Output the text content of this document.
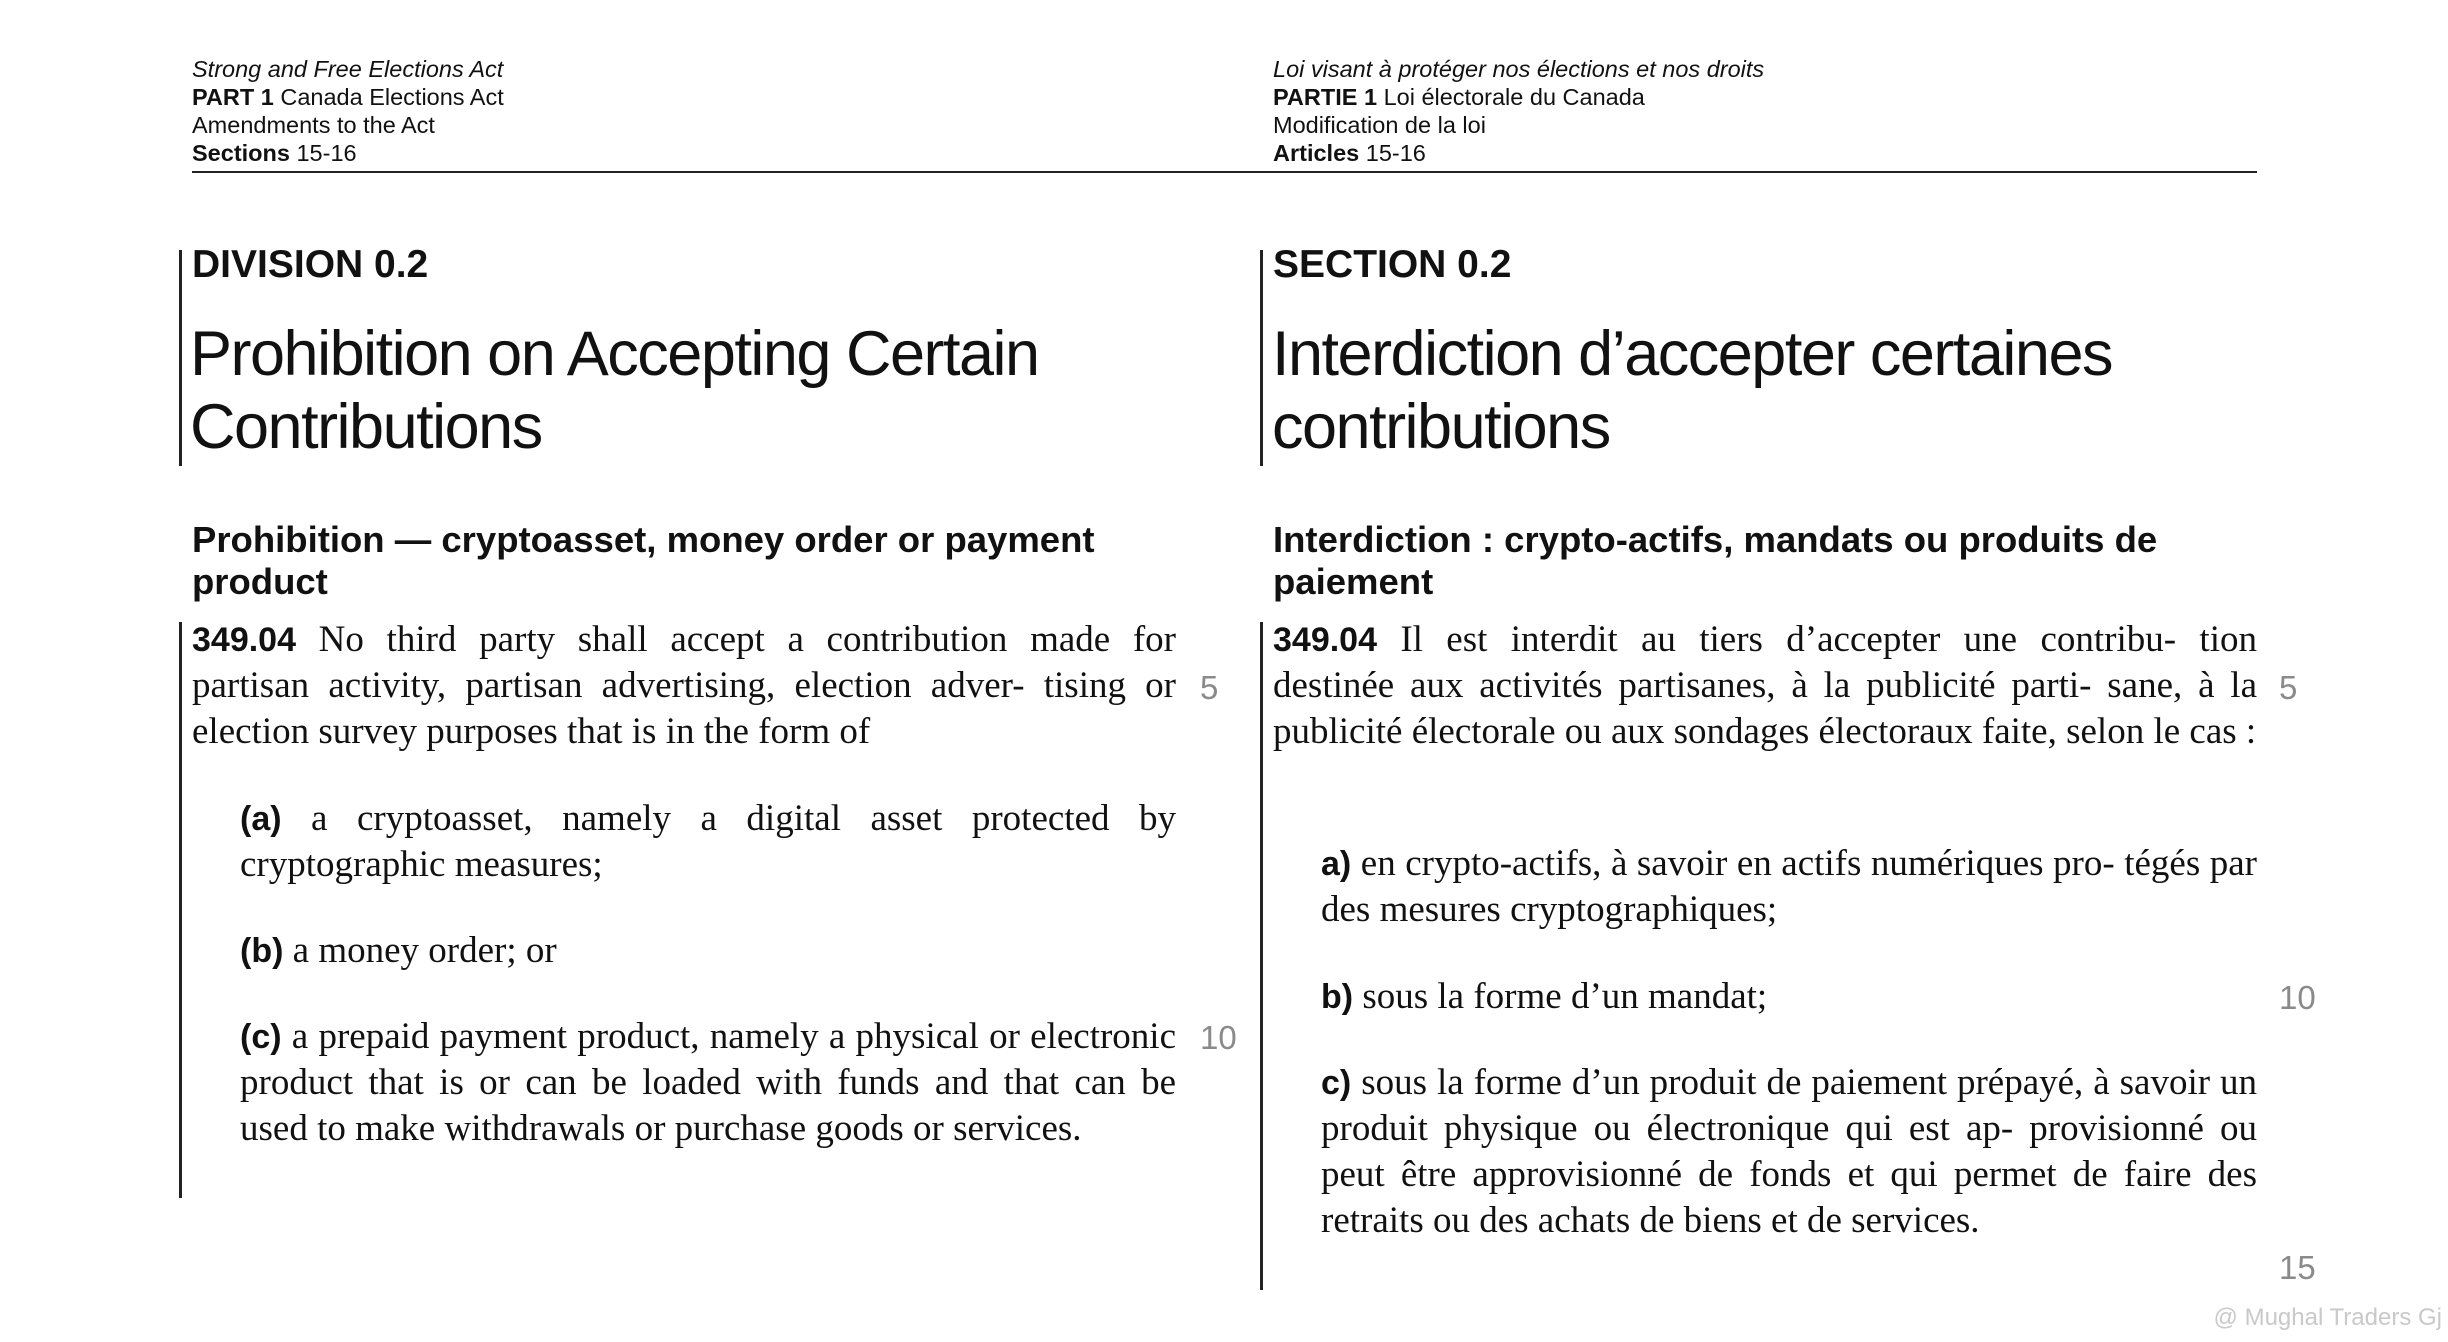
Strong and Free Elections Act
PART 1 Canada Elections Act
Amendments to the Act
Sections 15-16
Loi visant à protéger nos élections et nos droits
PARTIE 1 Loi électorale du Canada
Modification de la loi
Articles 15-16
DIVISION 0.2
Prohibition on Accepting Certain
Contributions
Prohibition — cryptoasset, money order or payment
product
349.04 No third party shall accept a contribution made for partisan activity, partisan advertising, election adver- tising or election survey purposes that is in the form of
(a) a cryptoasset, namely a digital asset protected by cryptographic measures;
(b) a money order; or
(c) a prepaid payment product, namely a physical or electronic product that is or can be loaded with funds and that can be used to make withdrawals or purchase goods or services.
5
10
SECTION 0.2
Interdiction d’accepter certaines
contributions
Interdiction : crypto-actifs, mandats ou produits de
paiement
349.04 Il est interdit au tiers d’accepter une contribu- tion destinée aux activités partisanes, à la publicité parti- sane, à la publicité électorale ou aux sondages électoraux faite, selon le cas :
a) en crypto-actifs, à savoir en actifs numériques pro- tégés par des mesures cryptographiques;
b) sous la forme d’un mandat;
c) sous la forme d’un produit de paiement prépayé, à savoir un produit physique ou électronique qui est ap- provisionné ou peut être approvisionné de fonds et qui permet de faire des retraits ou des achats de biens et de services.
5
10
15
@ Mughal Traders Gj
